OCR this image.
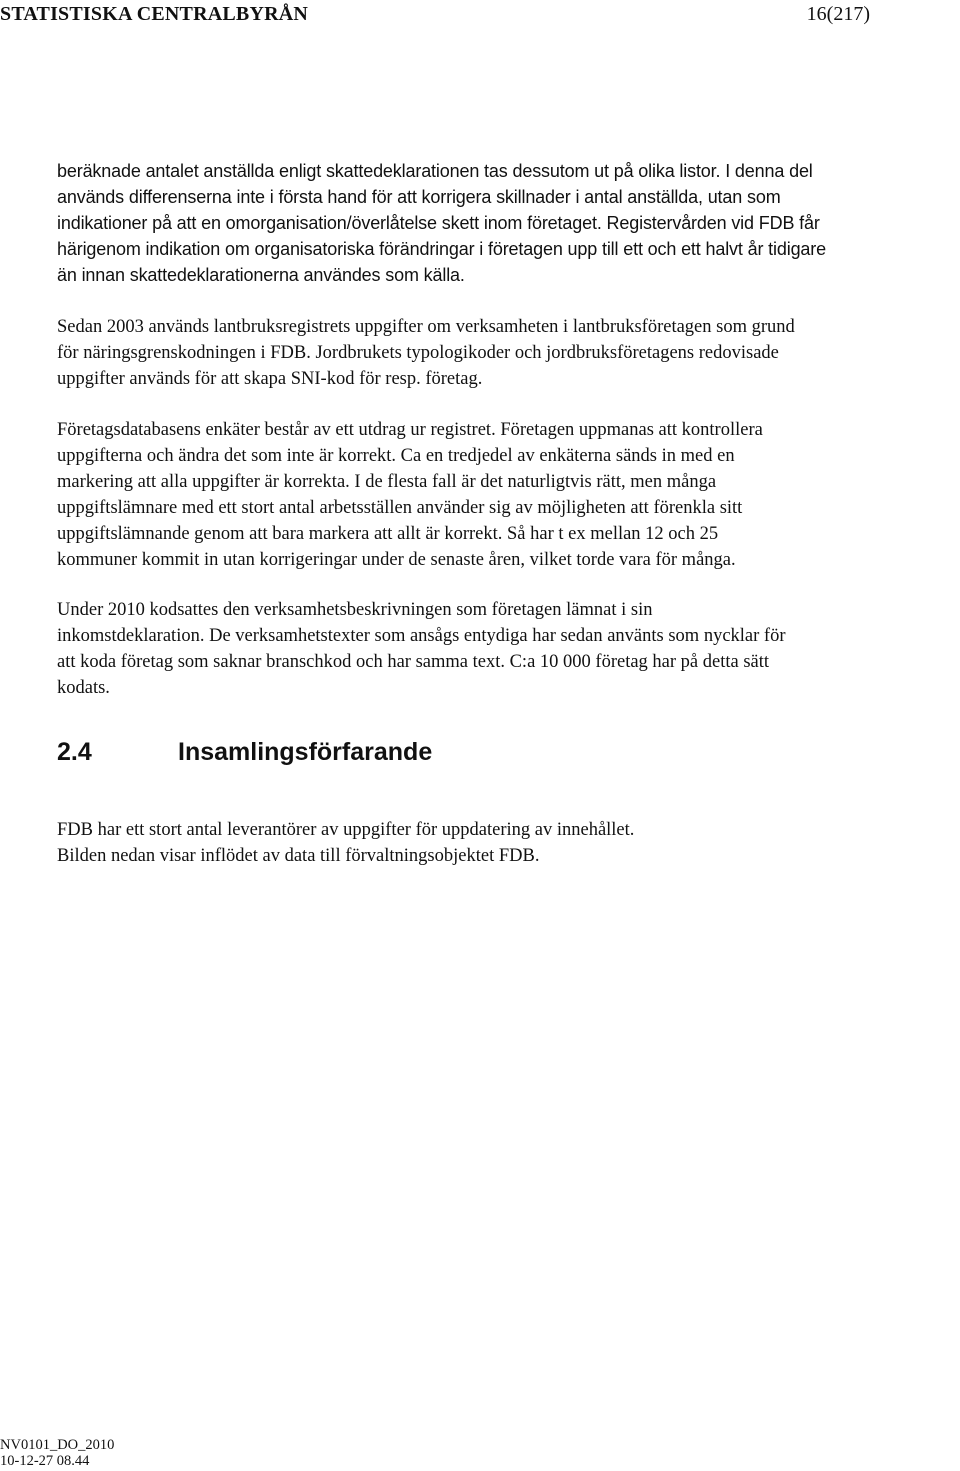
STATISTISKA CENTRALBYRÅN	16(217)
beräknade antalet anställda enligt skattedeklarationen tas dessutom ut på olika listor. I denna del
används differenserna inte i första hand för att korrigera skillnader i antal anställda, utan som
indikationer på att en omorganisation/överlåtelse skett inom företaget. Registervården vid FDB får
härigenom indikation om organisatoriska förändringar i företagen upp till ett och ett halvt år tidigare
än innan skattedeklarationerna användes som källa.
Sedan 2003 används lantbruksregistrets uppgifter om verksamheten i lantbruksföretagen som grund
för näringsgrenskodningen i FDB. Jordbrukets typologikoder och jordbruksföretagens redovisade
uppgifter används för att skapa SNI-kod för resp. företag.
Företagsdatabasens enkäter består av ett utdrag ur registret. Företagen uppmanas att kontrollera
uppgifterna och ändra det som inte är korrekt. Ca en tredjedel av enkäterna sänds in med en
markering att alla uppgifter är korrekta. I de flesta fall är det naturligtvis rätt, men många
uppgiftslämnare med ett stort antal arbetsställen använder sig av möjligheten att förenkla sitt
uppgiftslämnande genom att bara markera att allt är korrekt. Så har t ex mellan 12 och 25
kommuner kommit in utan korrigeringar under de senaste åren, vilket torde vara för många.
Under 2010 kodsattes den verksamhetsbeskrivningen som företagen lämnat i sin
inkomstdeklaration. De verksamhetstexter som ansågs entydiga har sedan använts som nycklar för
att koda företag som saknar branschkod och har samma text. C:a 10 000 företag har på detta sätt
kodats.
2.4	Insamlingsförfarande
FDB har ett stort antal leverantörer av uppgifter för uppdatering av innehållet.
Bilden nedan visar inflödet av data till förvaltningsobjektet FDB.
NV0101_DO_2010
10-12-27 08.44
